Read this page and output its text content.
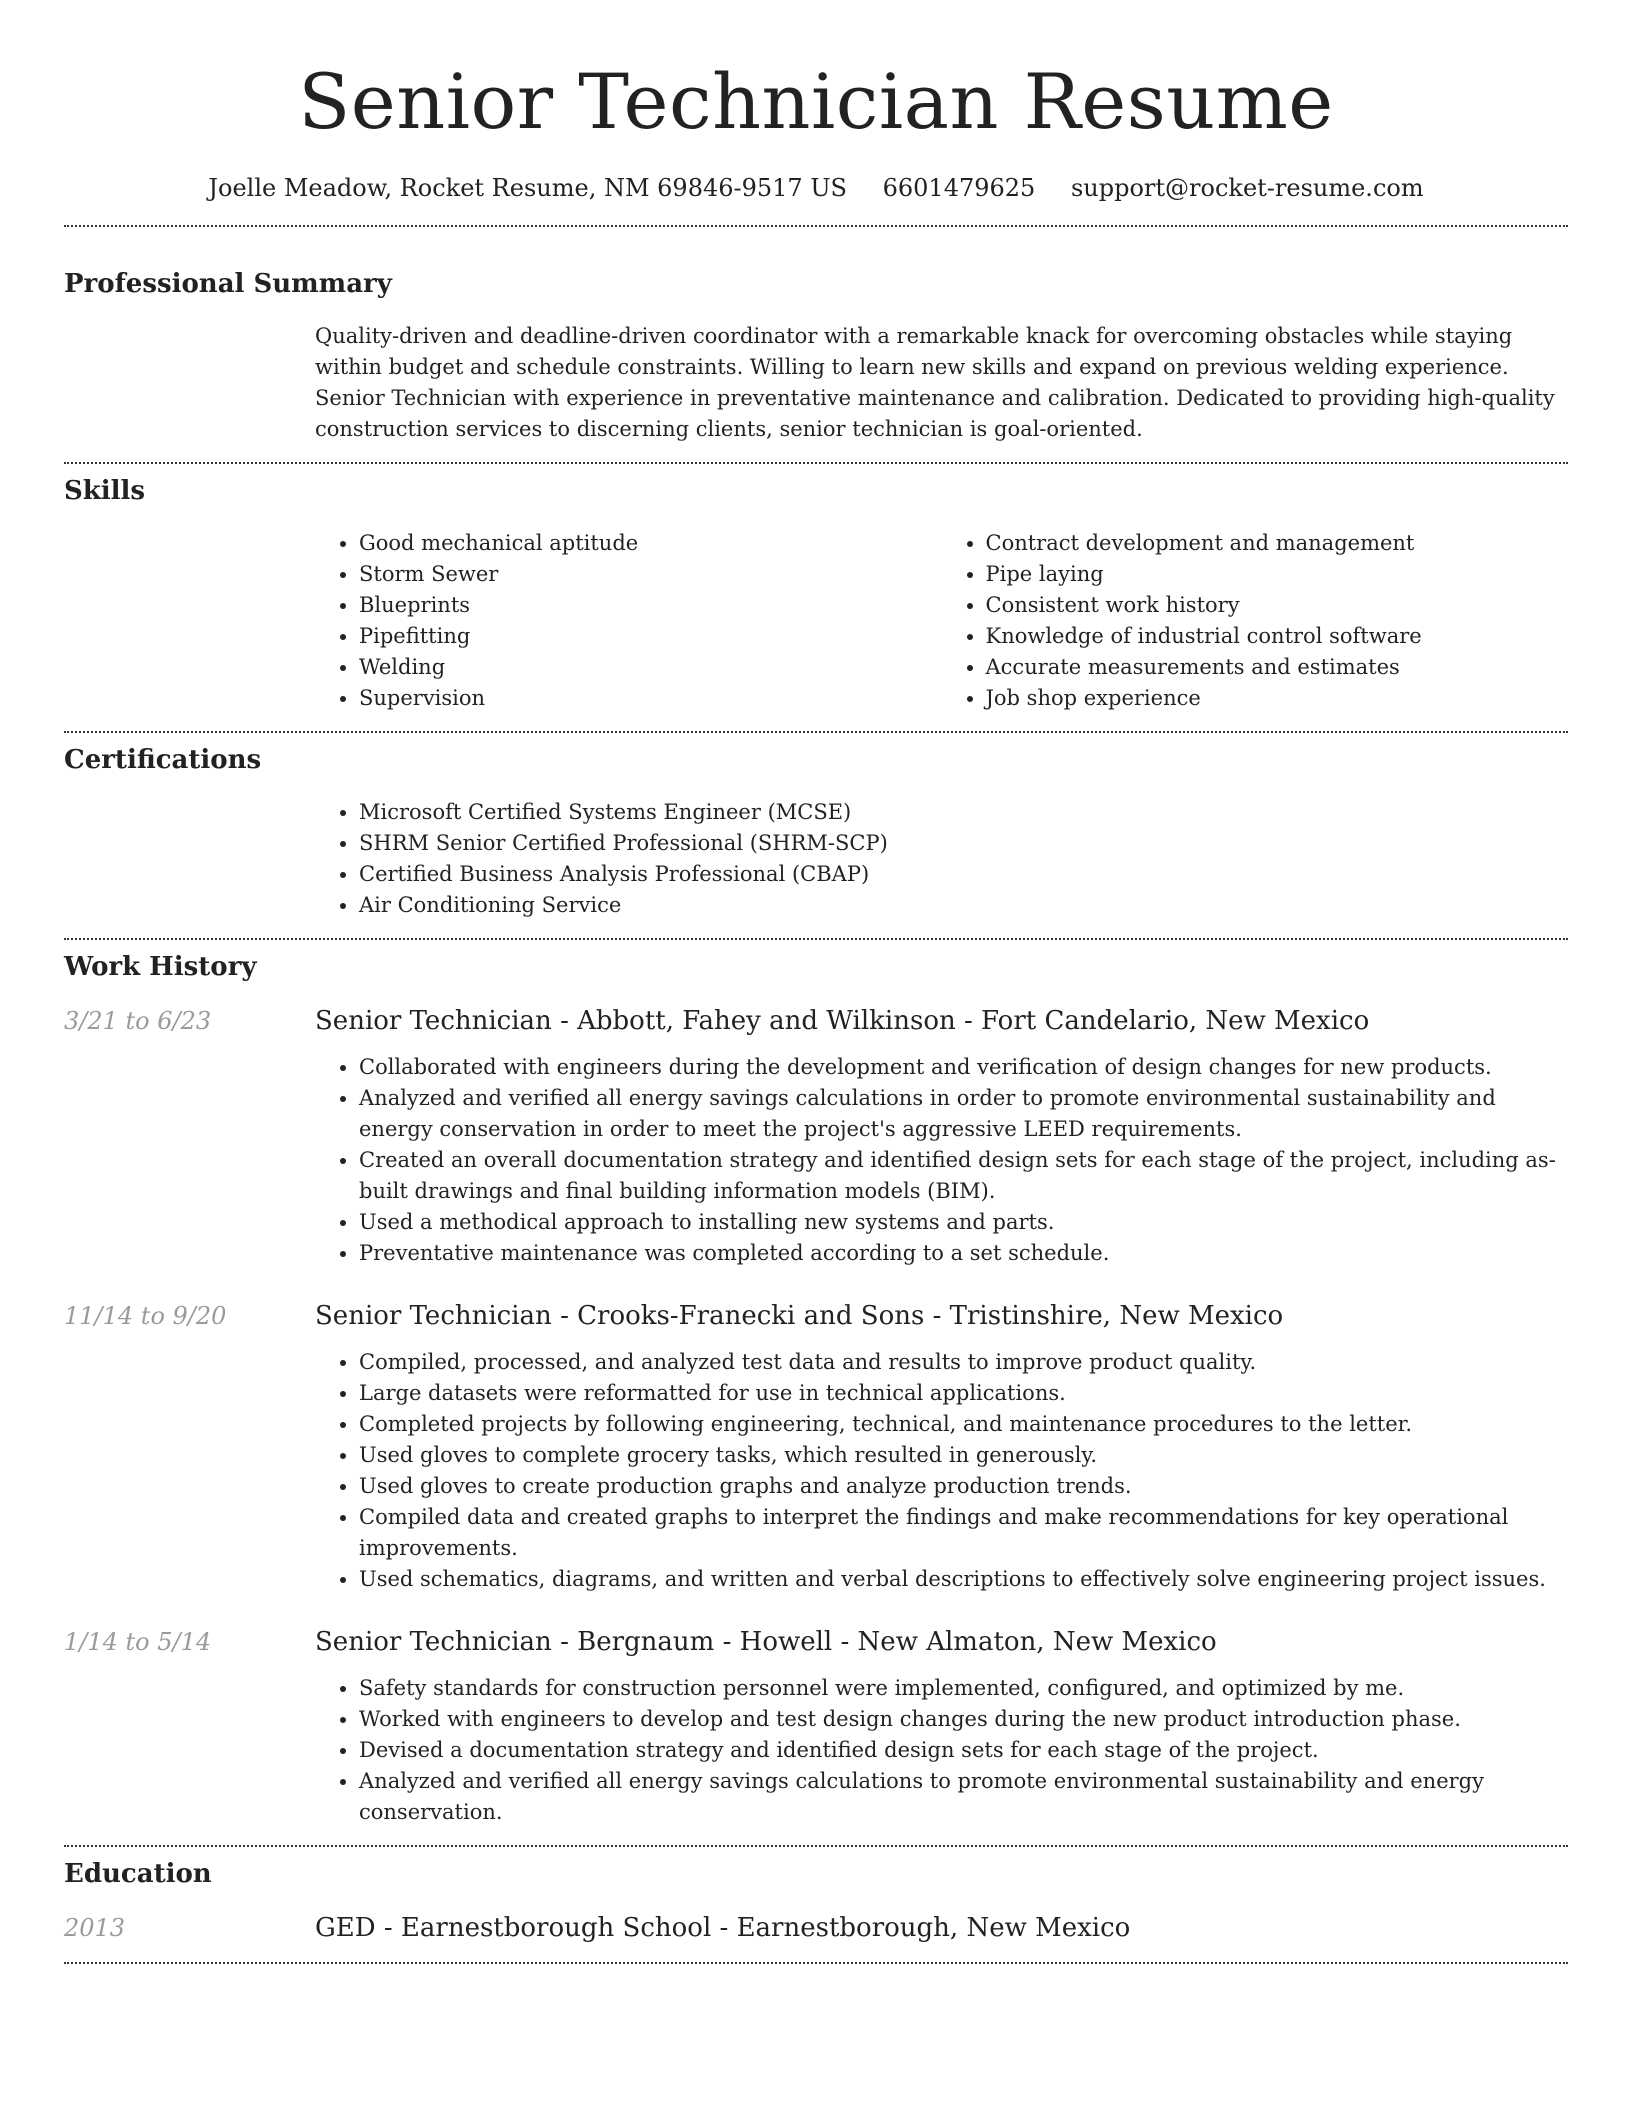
Senior Technician Resume
Joelle Meadow, Rocket Resume, NM 69846-9517 US 6601479625 support@rocket-resume.com
Professional Summary

Quality-driven and deadline-driven coordinator with a remarkable knack for overcoming obstacles while staying within budget and schedule constraints. Willing to learn new skills and expand on previous welding experience. Senior Technician with experience in preventative maintenance and calibration. Dedicated to providing high-quality construction services to discerning clients, senior technician is goal-oriented.

Skills
• Good mechanical aptitude
• Storm Sewer
• Blueprints
• Pipefitting
• Welding
• Supervision
• Contract development and management
• Pipe laying
• Consistent work history
• Knowledge of industrial control software
• Accurate measurements and estimates
• Job shop experience
Certifications
• Microsoft Certified Systems Engineer (MCSE)
• SHRM Senior Certified Professional (SHRM-SCP)
• Certified Business Analysis Professional (CBAP)
• Air Conditioning Service
Work History
3/21 to 6/23	Senior Technician - Abbott, Fahey and Wilkinson - Fort Candelario, New Mexico
• Collaborated with engineers during the development and verification of design changes for new products.
• Analyzed and verified all energy savings calculations in order to promote environmental sustainability and energy conservation in order to meet the project's aggressive LEED requirements.
• Created an overall documentation strategy and identified design sets for each stage of the project, including as-built drawings and final building information models (BIM).
• Used a methodical approach to installing new systems and parts.
• Preventative maintenance was completed according to a set schedule.
11/14 to 9/20	Senior Technician - Crooks-Franecki and Sons - Tristinshire, New Mexico
• Compiled, processed, and analyzed test data and results to improve product quality.
• Large datasets were reformatted for use in technical applications.
• Completed projects by following engineering, technical, and maintenance procedures to the letter.
• Used gloves to complete grocery tasks, which resulted in generously.
• Used gloves to create production graphs and analyze production trends.
• Compiled data and created graphs to interpret the findings and make recommendations for key operational improvements.
• Used schematics, diagrams, and written and verbal descriptions to effectively solve engineering project issues.
1/14 to 5/14	Senior Technician - Bergnaum - Howell - New Almaton, New Mexico
• Safety standards for construction personnel were implemented, configured, and optimized by me.
• Worked with engineers to develop and test design changes during the new product introduction phase.
• Devised a documentation strategy and identified design sets for each stage of the project.
• Analyzed and verified all energy savings calculations to promote environmental sustainability and energy conservation.
Education
2013	GED - Earnestborough School - Earnestborough, New Mexico
